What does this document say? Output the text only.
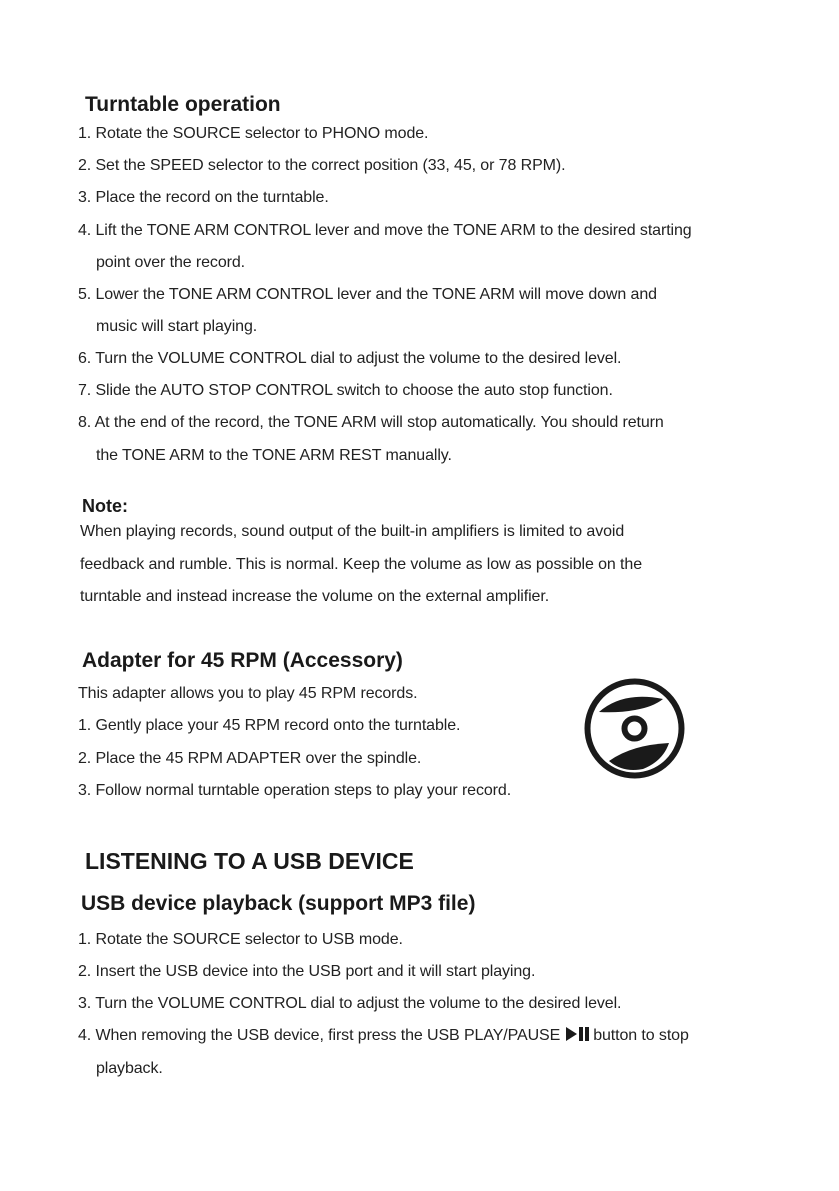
Turntable operation
1. Rotate the SOURCE selector to PHONO mode.
2. Set the SPEED selector to the correct position (33, 45, or 78 RPM).
3. Place the record on the turntable.
4. Lift the TONE ARM CONTROL lever and move the TONE ARM to the desired starting
point over the record.
5. Lower the TONE ARM CONTROL lever and the TONE ARM will move down and
music will start playing.
6. Turn the VOLUME CONTROL dial to adjust the volume to the desired level.
7. Slide the AUTO STOP CONTROL switch to choose the auto stop function.
8. At the end of the record, the TONE ARM will stop automatically. You should return
the TONE ARM to the TONE ARM REST manually.
Note:
When playing records, sound output of the built-in amplifiers is limited to avoid
feedback and rumble. This is normal. Keep the volume as low as possible on the
turntable and instead increase the volume on the external amplifier.
Adapter for 45 RPM (Accessory)
This adapter allows you to play 45 RPM records.
1. Gently place your 45 RPM record onto the turntable.
2. Place the 45 RPM ADAPTER over the spindle.
3. Follow normal turntable operation steps to play your record.
LISTENING TO A USB DEVICE
USB device playback (support MP3 file)
1. Rotate the SOURCE selector to USB mode.
2. Insert the USB device into the USB port and it will start playing.
3. Turn the VOLUME CONTROL dial to adjust the volume to the desired level.
4. When removing the USB device, first press the USB PLAY/PAUSE button to stop
playback.
